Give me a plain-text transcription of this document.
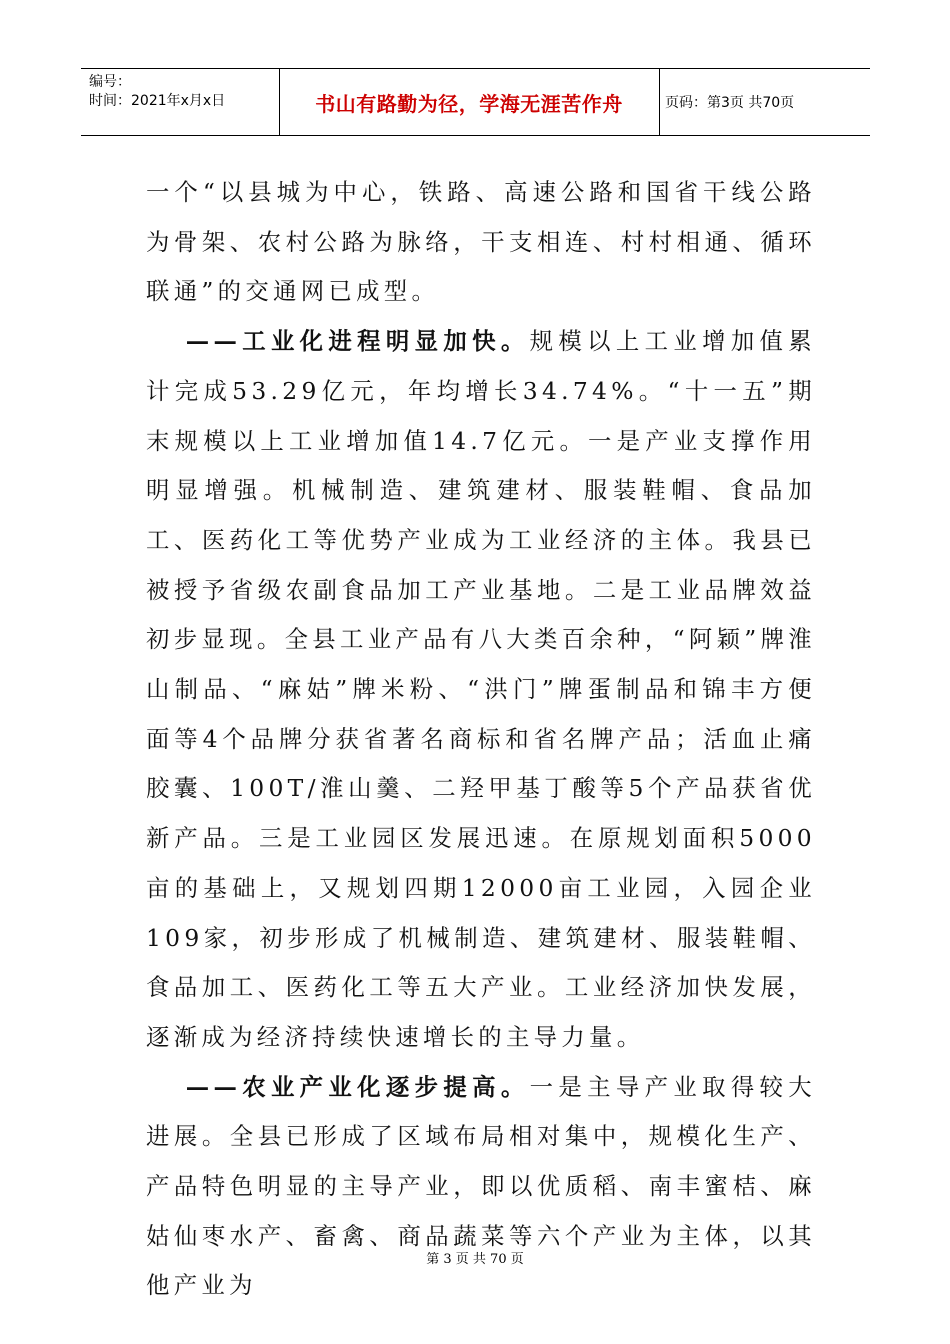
编号：
时间：2021年x月x日	书山有路勤为径，学海无涯苦作舟	页码：第3页 共70页

一个“以县城为中心，铁路、高速公路和国省干线公路为骨架、农村公路为脉络，干支相连、村村相通、循环联通”的交通网已成型。

——工业化进程明显加快。规模以上工业增加值累计完成53.29亿元，年均增长34.74%。“十一五”期末规模以上工业增加值14.7亿元。一是产业支撑作用明显增强。机械制造、建筑建材、服装鞋帽、食品加工、医药化工等优势产业成为工业经济的主体。我县已被授予省级农副食品加工产业基地。二是工业品牌效益初步显现。全县工业产品有八大类百余种，“阿颖”牌淮山制品、“麻姑”牌米粉、“洪门”牌蛋制品和锦丰方便面等4个品牌分获省著名商标和省名牌产品；活血止痛胶囊、100T/淮山羹、二羟甲基丁酸等5个产品获省优新产品。三是工业园区发展迅速。在原规划面积5000亩的基础上，又规划四期12000亩工业园，入园企业109家，初步形成了机械制造、建筑建材、服装鞋帽、食品加工、医药化工等五大产业。工业经济加快发展，逐渐成为经济持续快速增长的主导力量。

——农业产业化逐步提高。一是主导产业取得较大进展。全县已形成了区域布局相对集中，规模化生产、产品特色明显的主导产业，即以优质稻、南丰蜜桔、麻姑仙枣水产、畜禽、商品蔬菜等六个产业为主体，以其他产业为

第 3 页 共 70 页
